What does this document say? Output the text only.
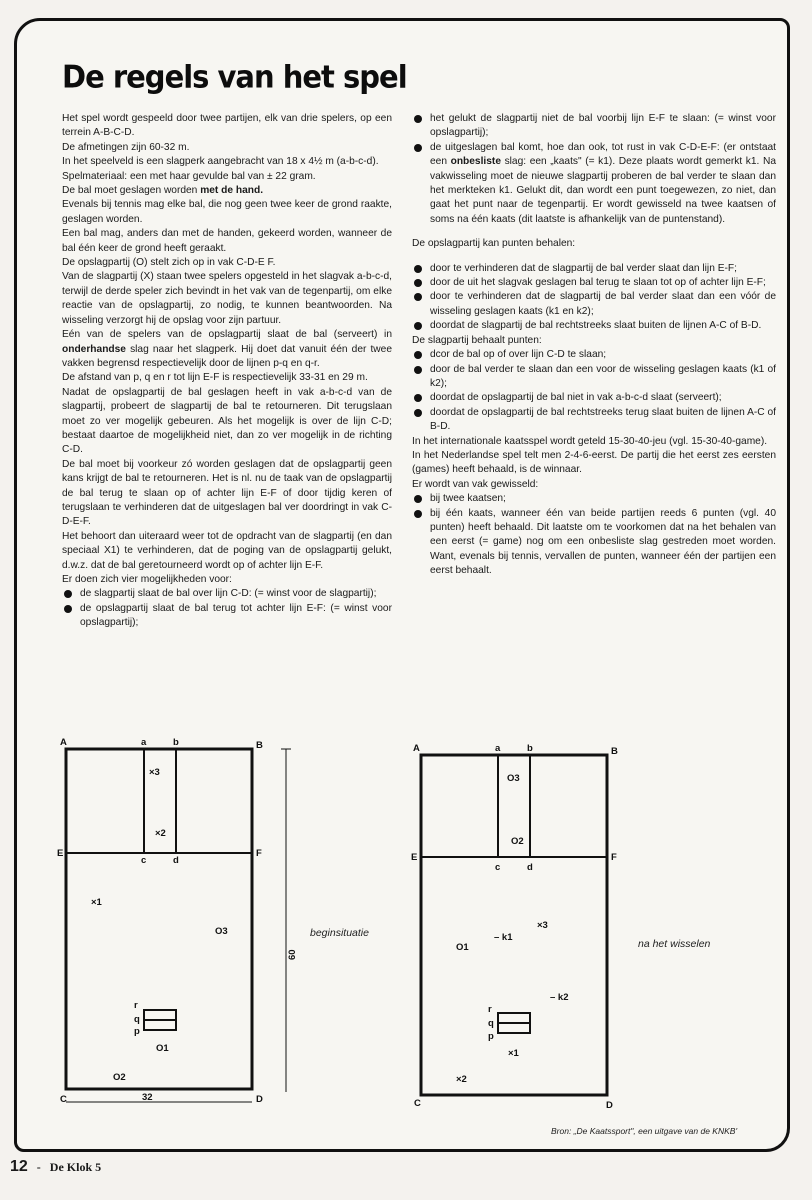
De regels van het spel

Het spel wordt gespeeld door twee partijen, elk van drie spelers, op een terrein A-B-C-D.

De afmetingen zijn 60-32 m.

In het speelveld is een slagperk aangebracht van 18 x 4½ m (a-b-c-d).

Spelmateriaal: een met haar gevulde bal van ± 22 gram.

De bal moet geslagen worden met de hand.

Evenals bij tennis mag elke bal, die nog geen twee keer de grond raakte, geslagen worden.

Een bal mag, anders dan met de handen, gekeerd worden, wanneer de bal één keer de grond heeft geraakt.

De opslagpartij (O) stelt zich op in vak C-D-E F.

Van de slagpartij (X) staan twee spelers opgesteld in het slagvak a-b-c-d, terwijl de derde speler zich bevindt in het vak van de tegenpartij, om elke reactie van de opslagpartij, zo nodig, te kunnen beantwoorden. Na wisseling verzorgt hij de opslag voor zijn partuur.

Eén van de spelers van de opslagpartij slaat de bal (serveert) in onderhandse slag naar het slagperk. Hij doet dat vanuit één der twee vakken begrensd respectievelijk door de lijnen p-q en q-r.

De afstand van p, q en r tot lijn E-F is respectievelijk 33-31 en 29 m.

Nadat de opslagpartij de bal geslagen heeft in vak a-b-c-d van de slagpartij, probeert de slagpartij de bal te retourneren. Dit terugslaan moet zo ver mogelijk gebeuren. Als het mogelijk is over de lijn C-D; bestaat daartoe de mogelijkheid niet, dan zo ver mogelijk in de richting C-D.

De bal moet bij voorkeur zó worden geslagen dat de opslagpartij geen kans krijgt de bal te retourneren. Het is nl. nu de taak van de opslagpartij de bal terug te slaan op of achter lijn E-F of door tijdig keren of terugslaan te verhinderen dat de uitgeslagen bal ver doordringt in vak C-D-E-F.

Het behoort dan uiteraard weer tot de opdracht van de slagpartij (en dan speciaal X1) te verhinderen, dat de poging van de opslagpartij gelukt, d.w.z. dat de bal geretourneerd wordt op of achter lijn E-F.

Er doen zich vier mogelijkheden voor:

de slagpartij slaat de bal over lijn C-D: (= winst voor de slagpartij);

de opslagpartij slaat de bal terug tot achter lijn E-F: (= winst voor opslagpartij);

het gelukt de slagpartij niet de bal voorbij lijn E-F te slaan: (= winst voor opslagpartij);

de uitgeslagen bal komt, hoe dan ook, tot rust in vak C-D-E-F: (er ontstaat een onbesliste slag: een „kaats" (= k1). Deze plaats wordt gemerkt k1. Na vakwisseling moet de nieuwe slagpartij proberen de bal verder te slaan dan het merkteken k1. Gelukt dit, dan wordt een punt toegewezen, zo niet, dan gaat het punt naar de tegenpartij. Er wordt gewisseld na twee kaatsen of soms na één kaats (dit laatste is afhankelijk van de puntenstand).

De opslagpartij kan punten behalen:

door te verhinderen dat de slagpartij de bal verder slaat dan lijn E-F;

door de uit het slagvak geslagen bal terug te slaan tot op of achter lijn E-F;

door te verhinderen dat de slagpartij de bal verder slaat dan een vóór de wisseling geslagen kaats (k1 en k2);

doordat de slagpartij de bal rechtstreeks slaat buiten de lijnen A-C of B-D.

De slagpartij behaalt punten:

dcor de bal op of over lijn C-D te slaan;

door de bal verder te slaan dan een voor de wisseling geslagen kaats (k1 of k2);

doordat de opslagpartij de bal niet in vak a-b-c-d slaat (serveert);

doordat de opslagpartij de bal rechtstreeks terug slaat buiten de lijnen A-C of B-D.

In het internationale kaatsspel wordt geteld 15-30-40-jeu (vgl. 15-30-40-game).

In het Nederlandse spel telt men 2-4-6-eerst. De partij die het eerst zes eersten (games) heeft behaald, is de winnaar.

Er wordt van vak gewisseld:

bij twee kaatsen;

bij één kaats, wanneer één van beide partijen reeds 6 punten (vgl. 40 punten) heeft behaald. Dit laatste om te voorkomen dat na het behalen van een eerst (= game) nog om een onbesliste slag gestreden moet worden. Want, evenals bij tennis, vervallen de punten, wanneer één der partijen een eerst behaalt.

A	B
C	D
a	b
c	d
E	F
×3
×2
×1
O3
r
q
p
O1
O2
60
32
A	B
C	D
a	b
c	d
E	F
O3
O2
×3
– k1
O1
– k2
r
q
p
×1
×2
beginsituatie
na het wisselen
Bron: „De Kaatssport", een uitgave van de KNKB'
12 - De Klok 5
